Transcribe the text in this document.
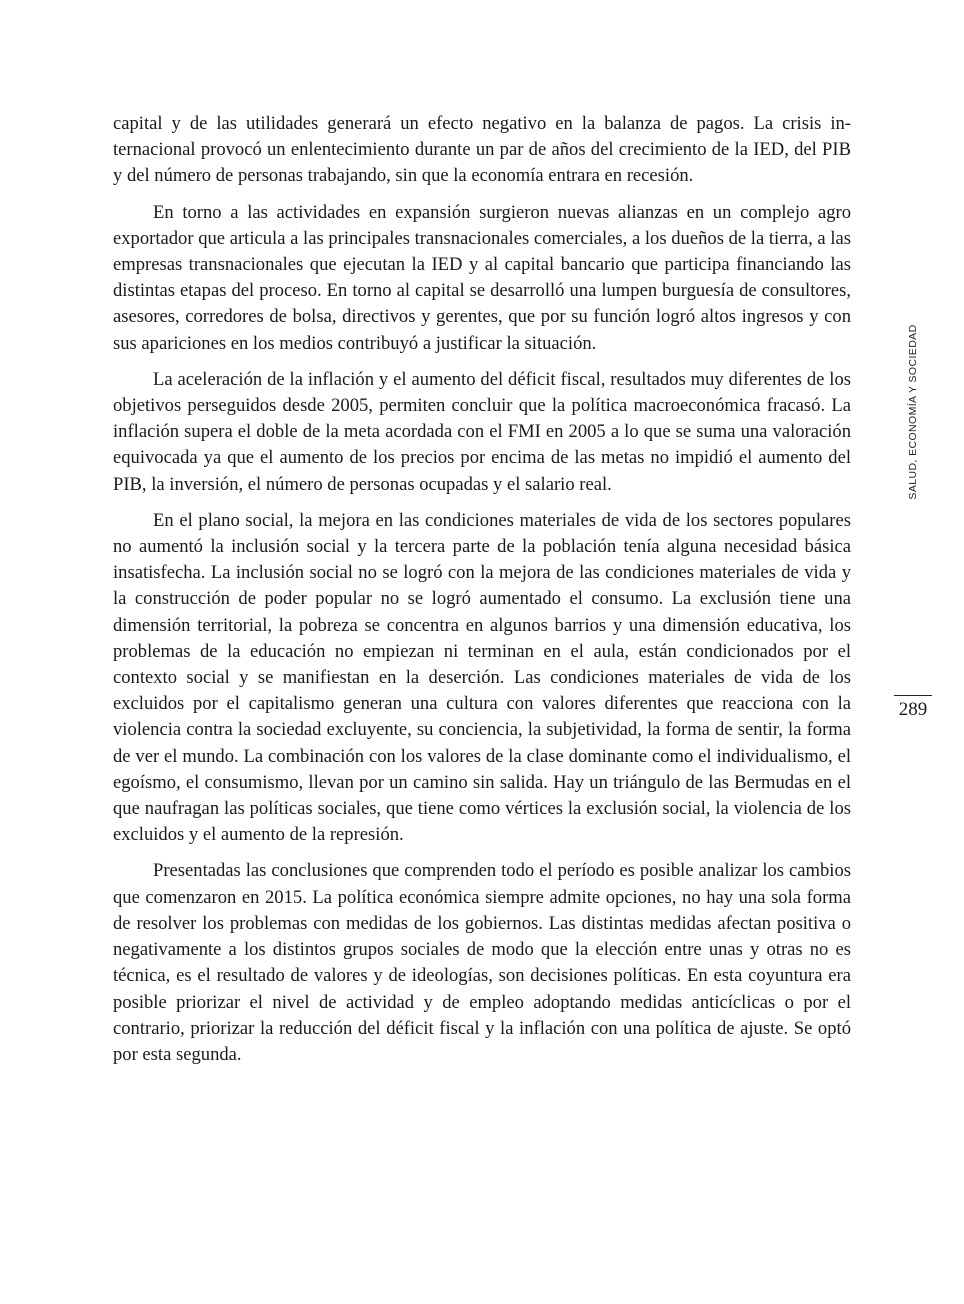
capital y de las utilidades generará un efecto negativo en la balanza de pagos. La crisis internacional provocó un enlentecimiento durante un par de años del crecimiento de la IED, del PIB y del número de personas trabajando, sin que la economía entrara en recesión.

En torno a las actividades en expansión surgieron nuevas alianzas en un complejo agro exportador que articula a las principales transnacionales comerciales, a los dueños de la tierra, a las empresas transnacionales que ejecutan la IED y al capital bancario que participa financiando las distintas etapas del proceso. En torno al capital se desarrolló una lumpen burguesía de consultores, asesores, corredores de bolsa, directivos y gerentes, que por su función logró altos ingresos y con sus apariciones en los medios contribuyó a justificar la situación.

La aceleración de la inflación y el aumento del déficit fiscal, resultados muy diferentes de los objetivos perseguidos desde 2005, permiten concluir que la política macroeconómica fracasó. La inflación supera el doble de la meta acordada con el FMI en 2005 a lo que se suma una valoración equivocada ya que el aumento de los precios por encima de las metas no impidió el aumento del PIB, la inversión, el número de personas ocupadas y el salario real.

En el plano social, la mejora en las condiciones materiales de vida de los sectores populares no aumentó la inclusión social y la tercera parte de la población tenía alguna necesidad básica insatisfecha. La inclusión social no se logró con la mejora de las condiciones materiales de vida y la construcción de poder popular no se logró aumentado el consumo. La exclusión tiene una dimensión territorial, la pobreza se concentra en algunos barrios y una dimensión educativa, los problemas de la educación no empiezan ni terminan en el aula, están condicionados por el contexto social y se manifiestan en la deserción. Las condiciones materiales de vida de los excluidos por el capitalismo generan una cultura con valores diferentes que reacciona con la violencia contra la sociedad excluyente, su conciencia, la subjetividad, la forma de sentir, la forma de ver el mundo. La combinación con los valores de la clase dominante como el individualismo, el egoísmo, el consumismo, llevan por un camino sin salida. Hay un triángulo de las Bermudas en el que naufragan las políticas sociales, que tiene como vértices la exclusión social, la violencia de los excluidos y el aumento de la represión.

Presentadas las conclusiones que comprenden todo el período es posible analizar los cambios que comenzaron en 2015. La política económica siempre admite opciones, no hay una sola forma de resolver los problemas con medidas de los gobiernos. Las distintas medidas afectan positiva o negativamente a los distintos grupos sociales de modo que la elección entre unas y otras no es técnica, es el resultado de valores y de ideologías, son decisiones políticas. En esta coyuntura era posible priorizar el nivel de actividad y de empleo adoptando medidas anticíclicas o por el contrario, priorizar la reducción del déficit fiscal y la inflación con una política de ajuste. Se optó por esta segunda.

SALUD, ECONOMÍA Y SOCIEDAD
289
